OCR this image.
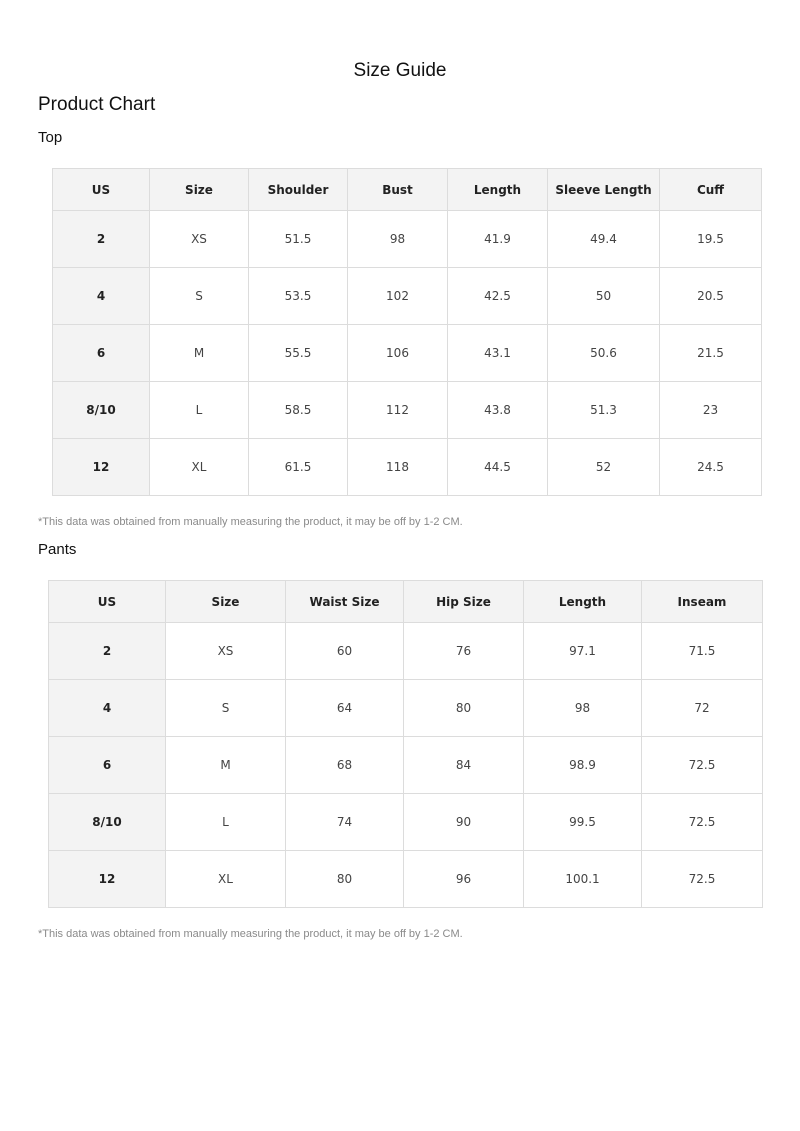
Size Guide
Product Chart
Top
US	Size	Shoulder	Bust	Length	Sleeve Length	Cuff
2	XS	51.5	98	41.9	49.4	19.5
4	S	53.5	102	42.5	50	20.5
6	M	55.5	106	43.1	50.6	21.5
8/10	L	58.5	112	43.8	51.3	23
12	XL	61.5	118	44.5	52	24.5
*This data was obtained from manually measuring the product, it may be off by 1-2 CM.
Pants
US	Size	Waist Size	Hip Size	Length	Inseam
2	XS	60	76	97.1	71.5
4	S	64	80	98	72
6	M	68	84	98.9	72.5
8/10	L	74	90	99.5	72.5
12	XL	80	96	100.1	72.5
*This data was obtained from manually measuring the product, it may be off by 1-2 CM.
